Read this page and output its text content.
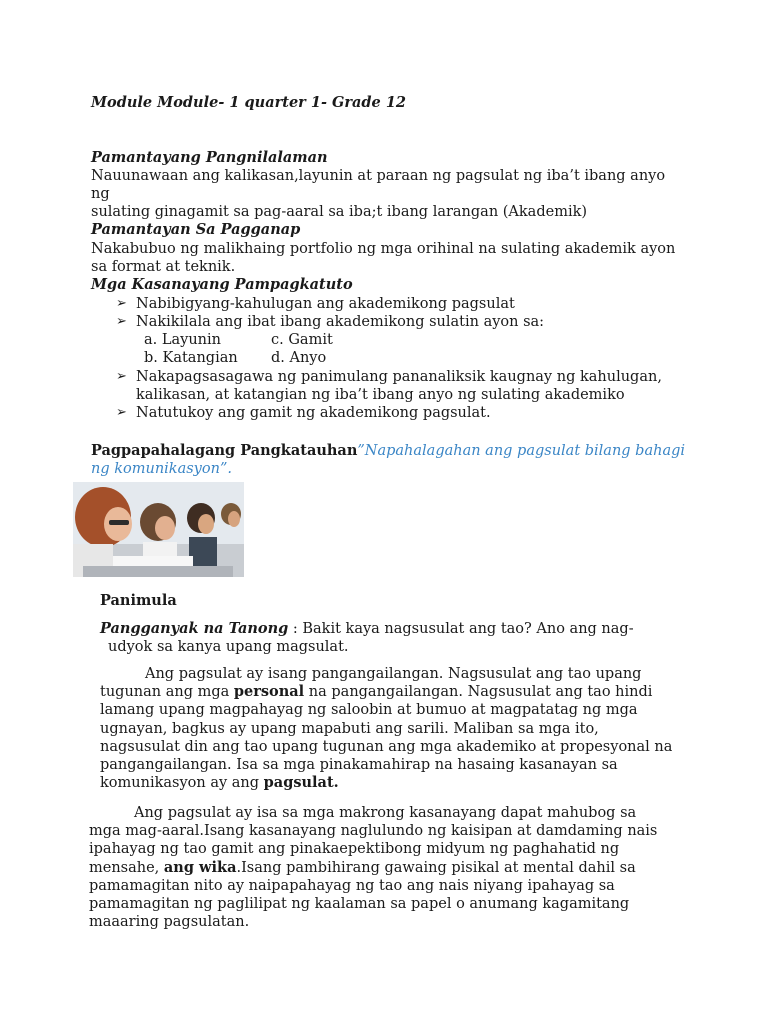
Module Module- 1 quarter 1- Grade 12
Pamantayang Pangnilalaman
Nauunawaan ang kalikasan,layunin at paraan ng pagsulat ng iba’t ibang anyo
ng
sulating ginagamit sa pag-aaral sa iba;t ibang larangan (Akademik)
Pamantayan Sa Pagganap
Nakabubuo ng malikhaing portfolio ng mga orihinal na sulating akademik ayon
sa format at teknik.
Mga Kasanayang Pampagkatuto
➢ Nabibigyang-kahulugan ang akademikong pagsulat
➢ Nakikilala ang ibat ibang akademikong sulatin ayon sa:
a. Layunin	c. Gamit
b. Katangian d. Anyo
➢ Nakapagsasagawa ng panimulang pananaliksik kaugnay ng kahulugan,
kalikasan, at katangian ng iba’t ibang anyo ng sulating akademiko
➢ Natutukoy ang gamit ng akademikong pagsulat.
Pagpapahalagang Pangkatauhan”Napahalagahan ang pagsulat bilang bahagi
ng komunikasyon”.
Panimula
Pangganyak na Tanong : Bakit kaya nagsusulat ang tao? Ano ang nag-
udyok sa kanya upang magsulat.
Ang pagsulat ay isang pangangailangan. Nagsusulat ang tao upang
tugunan ang mga personal na pangangailangan. Nagsusulat ang tao hindi
lamang upang magpahayag ng saloobin at bumuo at magpatatag ng mga
ugnayan, bagkus ay upang mapabuti ang sarili. Maliban sa mga ito,
nagsusulat din ang tao upang tugunan ang mga akademiko at propesyonal na
pangangailangan. Isa sa mga pinakamahirap na hasaing kasanayan sa
komunikasyon ay ang pagsulat.
Ang pagsulat ay isa sa mga makrong kasanayang dapat mahubog sa
mga mag-aaral.Isang kasanayang naglulundo ng kaisipan at damdaming nais
ipahayag ng tao gamit ang pinakaepektibong midyum ng paghahatid ng
mensahe, ang wika.Isang pambihirang gawaing pisikal at mental dahil sa
pamamagitan nito ay naipapahayag ng tao ang nais niyang ipahayag sa
pamamagitan ng paglilipat ng kaalaman sa papel o anumang kagamitang
maaaring pagsulatan.
